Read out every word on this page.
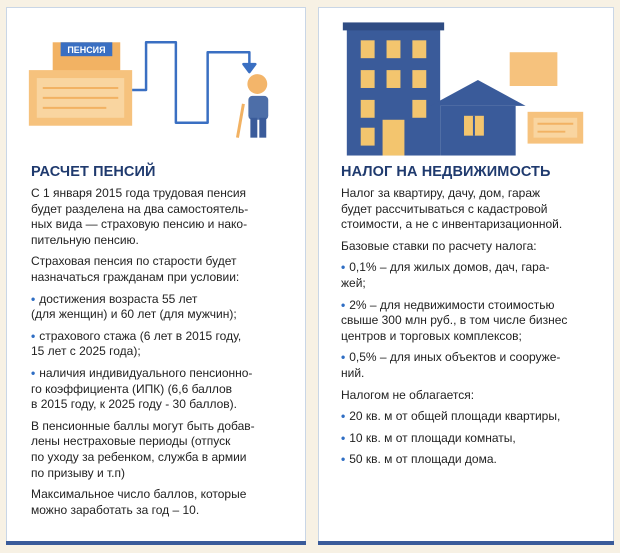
ПЕНСИЯ
РАСЧЕТ ПЕНСИЙ

С 1 января 2015 года трудовая пенсия
будет разделена на два самостоятель-
ных вида — страховую пенсию и нако-
пительную пенсию.

Страховая пенсия по старости будет
назначаться гражданам при условии:

• достижения возраста 55 лет
(для женщин) и 60 лет (для мужчин);

• страхового стажа (6 лет в 2015 году,
15 лет с 2025 года);

• наличия индивидуального пенсионно-
го коэффициента (ИПК) (6,6 баллов
в 2015 году, к 2025 году - 30 баллов).

В пенсионные баллы могут быть добав-
лены нестраховые периоды (отпуск
по уходу за ребенком, служба в армии
по призыву и т.п)

Максимальное число баллов, которые
можно заработать за год – 10.

НАЛОГ НА НЕДВИЖИМОСТЬ

Налог за квартиру, дачу, дом, гараж
будет рассчитываться с кадастровой
стоимости, а не с инвентаризационной.

Базовые ставки по расчету налога:

• 0,1% – для жилых домов, дач, гара-
жей;

• 2% – для недвижимости стоимостью
свыше 300 млн руб., в том числе бизнес
центров и торговых комплексов;

• 0,5% – для иных объектов и сооруже-
ний.

Налогом не облагается:

• 20 кв. м от общей площади квартиры,

• 10 кв. м от площади комнаты,

• 50 кв. м от площади дома.
